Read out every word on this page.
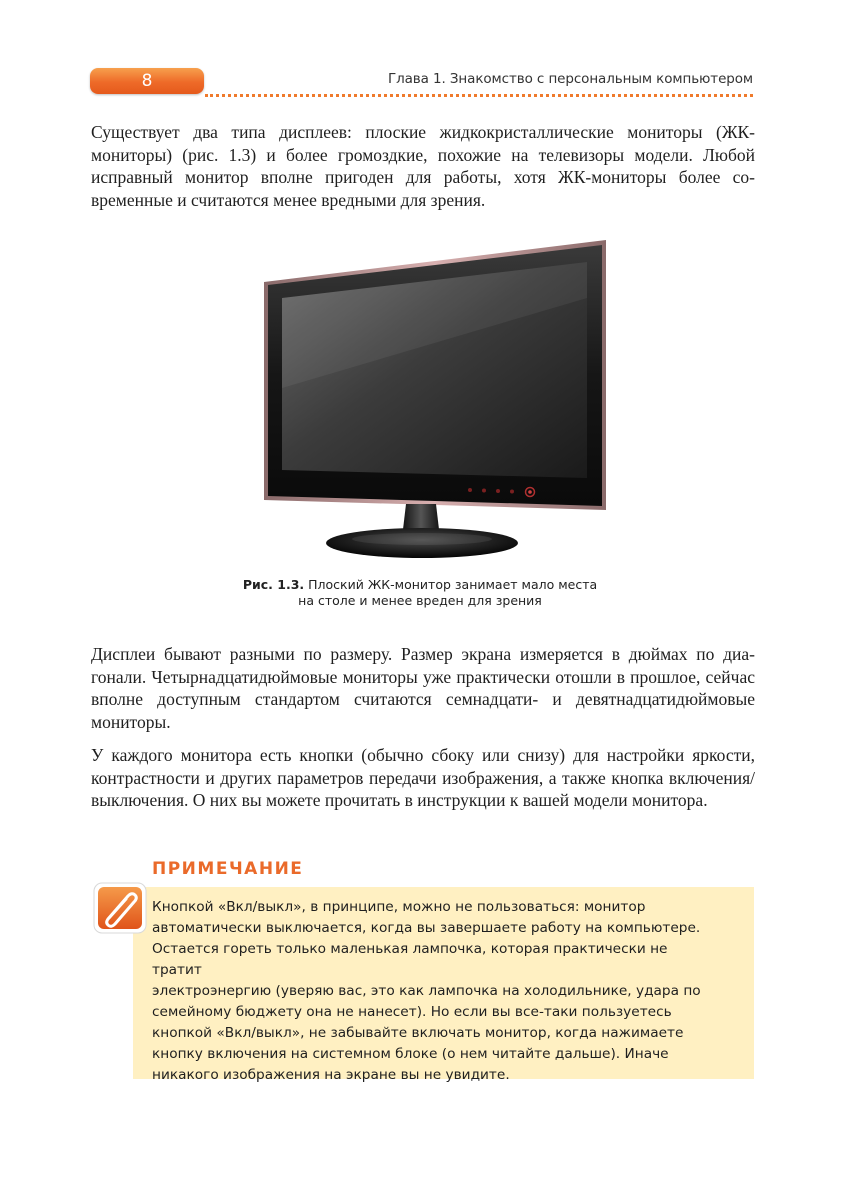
8	Глава 1. Знакомство с персональным компьютером

Существует два типа дисплеев: плоские жидкокристаллические мониторы (ЖК-мониторы) (рис. 1.3) и более громоздкие, похожие на телевизоры модели. Любой исправный монитор вполне пригоден для работы, хотя ЖК-мониторы более современные и считаются менее вредными для зрения.

Рис. 1.3. Плоский ЖК-монитор занимает мало места
на столе и менее вреден для зрения

Дисплеи бывают разными по размеру. Размер экрана измеряется в дюймах по диагонали. Четырнадцатидюймовые мониторы уже практически отошли в прошлое, сейчас вполне доступным стандартом считаются семнадцати- и девятнадцатидюймовые мониторы.

У каждого монитора есть кнопки (обычно сбоку или снизу) для настройки яркости, контрастности и других параметров передачи изображения, а также кнопка включения/выключения. О них вы можете прочитать в инструкции к вашей модели монитора.

ПРИМЕЧАНИЕ
Кнопкой «Вкл/выкл», в принципе, можно не пользоваться: монитор
автоматически выключается, когда вы завершаете работу на компьютере.
Остается гореть только маленькая лампочка, которая практически не тратит
электроэнергию (уверяю вас, это как лампочка на холодильнике, удара по
семейному бюджету она не нанесет). Но если вы все-таки пользуетесь
кнопкой «Вкл/выкл», не забывайте включать монитор, когда нажимаете
кнопку включения на системном блоке (о нем читайте дальше). Иначе
никакого изображения на экране вы не увидите.
